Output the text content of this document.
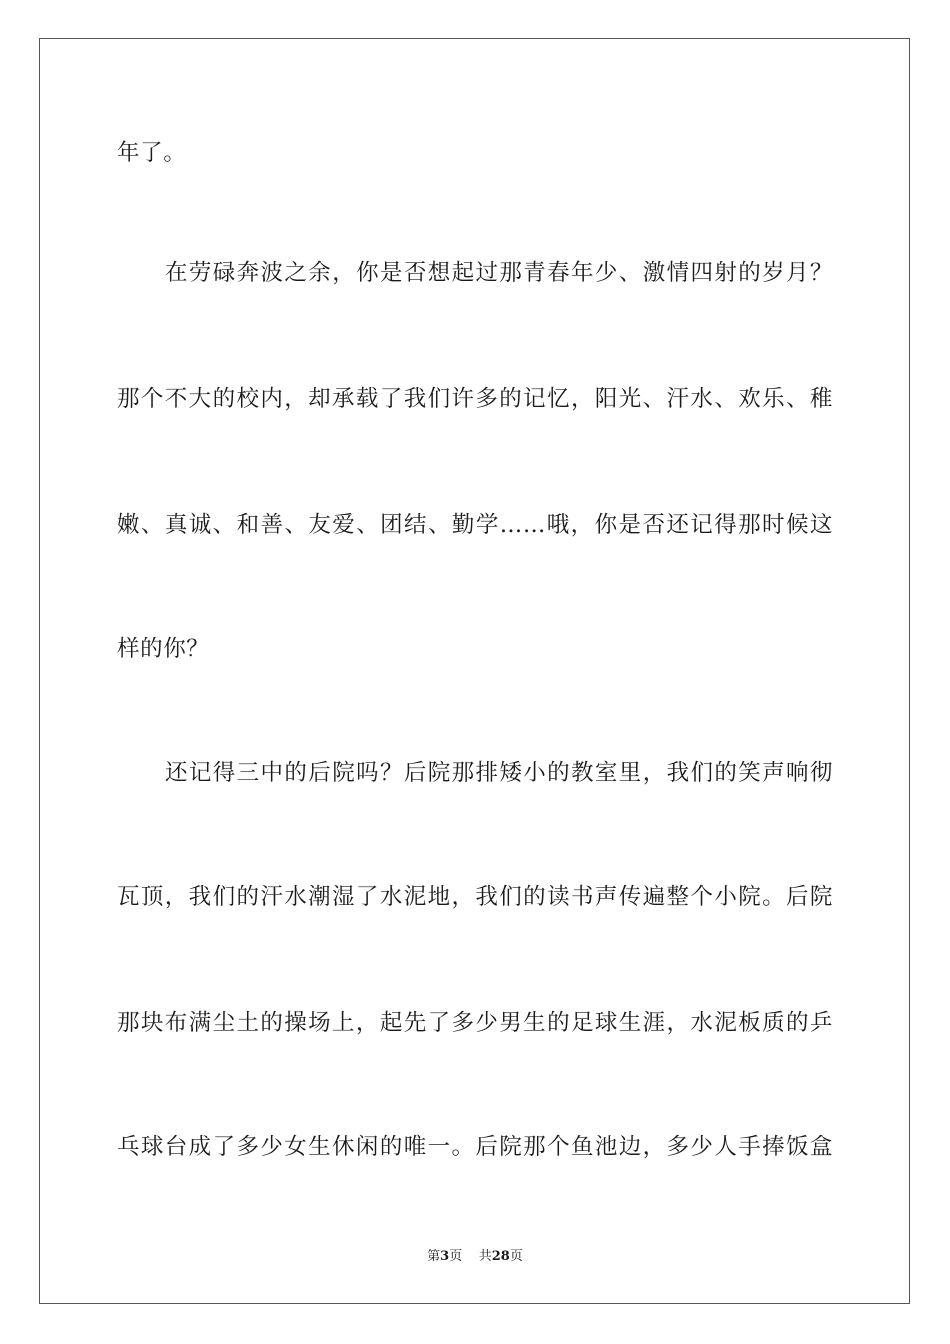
年了。
在劳碌奔波之余，你是否想起过那青春年少、激情四射的岁月？
那个不大的校内，却承载了我们许多的记忆，阳光、汗水、欢乐、稚
嫩、真诚、和善、友爱、团结、勤学……哦，你是否还记得那时候这
样的你？
还记得三中的后院吗？后院那排矮小的教室里，我们的笑声响彻
瓦顶，我们的汗水潮湿了水泥地，我们的读书声传遍整个小院。后院
那块布满尘土的操场上，起先了多少男生的足球生涯，水泥板质的乒
乓球台成了多少女生休闲的唯一。后院那个鱼池边，多少人手捧饭盒
第3页 共28页
